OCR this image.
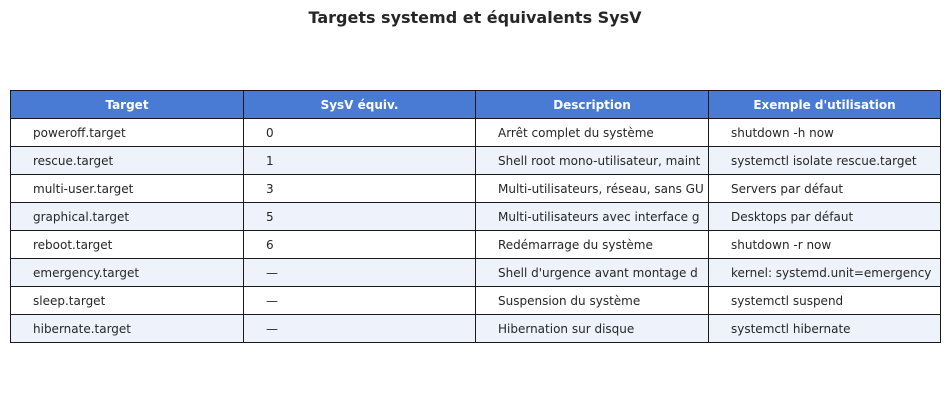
Targets systemd et équivalents SysV
Target	SysV équiv.	Description	Exemple d'utilisation
poweroff.target	0	Arrêt complet du système	shutdown -h now
rescue.target	1	Shell root mono-utilisateur, maint	systemctl isolate rescue.target
multi-user.target	3	Multi-utilisateurs, réseau, sans GU	Servers par défaut
graphical.target	5	Multi-utilisateurs avec interface g	Desktops par défaut
reboot.target	6	Redémarrage du système	shutdown -r now
emergency.target	—	Shell d'urgence avant montage d	kernel: systemd.unit=emergency
sleep.target	—	Suspension du système	systemctl suspend
hibernate.target	—	Hibernation sur disque	systemctl hibernate
